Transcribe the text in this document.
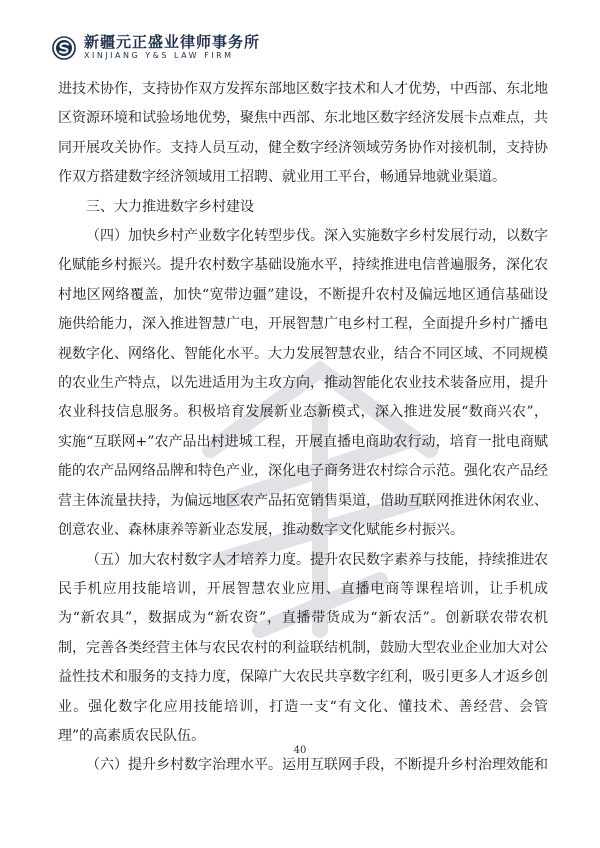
新疆元正盛业律师事务所
XINJIANG Y&S LAW FIRM

进技术协作，支持协作双方发挥东部地区数字技术和人才优势，中西部、东北地区资源环境和试验场地优势，聚焦中西部、东北地区数字经济发展卡点难点，共同开展攻关协作。支持人员互动，健全数字经济领域劳务协作对接机制，支持协作双方搭建数字经济领域用工招聘、就业用工平台，畅通异地就业渠道。

三、大力推进数字乡村建设

（四）加快乡村产业数字化转型步伐。深入实施数字乡村发展行动，以数字化赋能乡村振兴。提升农村数字基础设施水平，持续推进电信普遍服务，深化农村地区网络覆盖，加快“宽带边疆”建设，不断提升农村及偏远地区通信基础设施供给能力，深入推进智慧广电，开展智慧广电乡村工程，全面提升乡村广播电视数字化、网络化、智能化水平。大力发展智慧农业，结合不同区域、不同规模的农业生产特点，以先进适用为主攻方向，推动智能化农业技术装备应用，提升农业科技信息服务。积极培育发展新业态新模式，深入推进发展“数商兴农”，实施“互联网+”农产品出村进城工程，开展直播电商助农行动，培育一批电商赋能的农产品网络品牌和特色产业，深化电子商务进农村综合示范。强化农产品经营主体流量扶持，为偏远地区农产品拓宽销售渠道，借助互联网推进休闲农业、创意农业、森林康养等新业态发展，推动数字文化赋能乡村振兴。

（五）加大农村数字人才培养力度。提升农民数字素养与技能，持续推进农民手机应用技能培训，开展智慧农业应用、直播电商等课程培训，让手机成为“新农具”，数据成为“新农资”，直播带货成为“新农活”。创新联农带农机制，完善各类经营主体与农民农村的利益联结机制，鼓励大型农业企业加大对公益性技术和服务的支持力度，保障广大农民共享数字红利，吸引更多人才返乡创业。强化数字化应用技能培训，打造一支“有文化、懂技术、善经营、会管理”的高素质农民队伍。

（六）提升乡村数字治理水平。运用互联网手段，不断提升乡村治理效能和

40
